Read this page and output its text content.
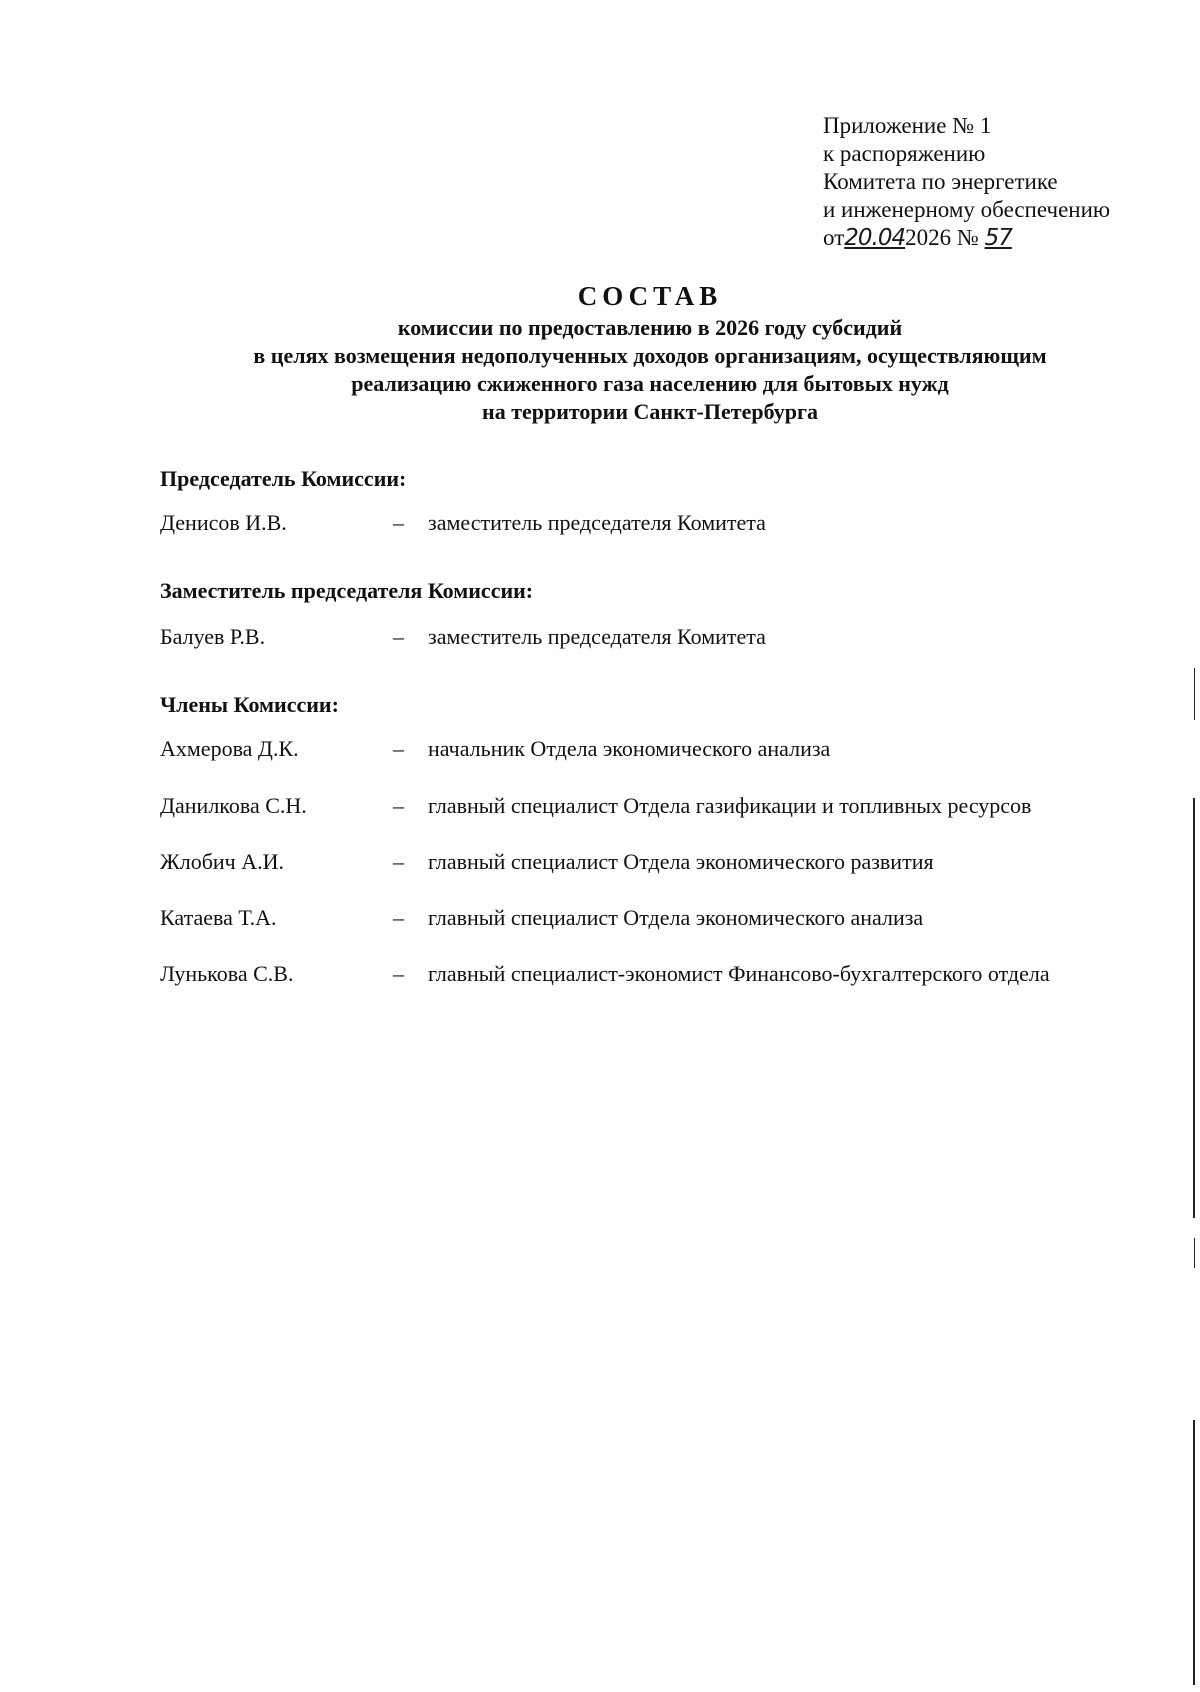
Приложение № 1
к распоряжению
Комитета по энергетике
и инженерному обеспечению
от20.042026 № 57
СОСТАВ
комиссии по предоставлению в 2026 году субсидий
в целях возмещения недополученных доходов организациям, осуществляющим
реализацию сжиженного газа населению для бытовых нужд
на территории Санкт-Петербурга
Председатель Комиссии:
Денисов И.В.	– заместитель председателя Комитета
Заместитель председателя Комиссии:
Балуев Р.В.	– заместитель председателя Комитета
Члены Комиссии:
Ахмерова Д.К.	– начальник Отдела экономического анализа
Данилкова С.Н.	– главный специалист Отдела газификации и топливных ресурсов
Жлобич А.И.	– главный специалист Отдела экономического развития
Катаева Т.А.	– главный специалист Отдела экономического анализа
Лунькова С.В.	– главный специалист-экономист Финансово-бухгалтерского отдела
